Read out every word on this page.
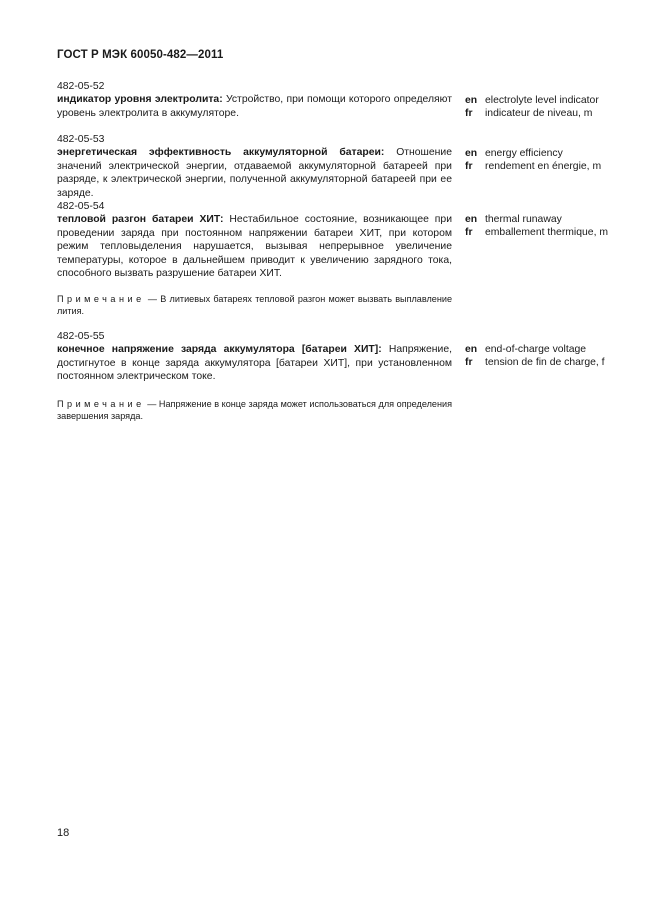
ГОСТ Р МЭК 60050-482—2011
482-05-52
индикатор уровня электролита: Устройство, при помощи которого определяют уровень электролита в аккумуляторе.
en electrolyte level indicator
fr	indicateur de niveau, m
482-05-53
энергетическая эффективность аккумуляторной батареи: Отношение значений электрической энергии, отдаваемой аккумуляторной батареей при разряде, к электрической энергии, полученной аккумуляторной батареей при ее заряде.
en energy efficiency
fr	rendement en énergie, m
482-05-54
тепловой разгон батареи ХИТ: Нестабильное состояние, возникающее при проведении заряда при постоянном напряжении батареи ХИТ, при котором режим тепловыделения нарушается, вызывая непрерывное увеличение температуры, которое в дальнейшем приводит к увеличению зарядного тока, способного вызвать разрушение батареи ХИТ.
en thermal runaway
fr	emballement thermique, m
Примечание — В литиевых батареях тепловой разгон может вызвать выплавление лития.
482-05-55
конечное напряжение заряда аккумулятора [батареи ХИТ]: Напряжение, достигнутое в конце заряда аккумулятора [батареи ХИТ], при установленном постоянном электрическом токе.
en end-of-charge voltage
fr	tension de fin de charge, f
Примечание — Напряжение в конце заряда может использоваться для определения завершения заряда.
18
